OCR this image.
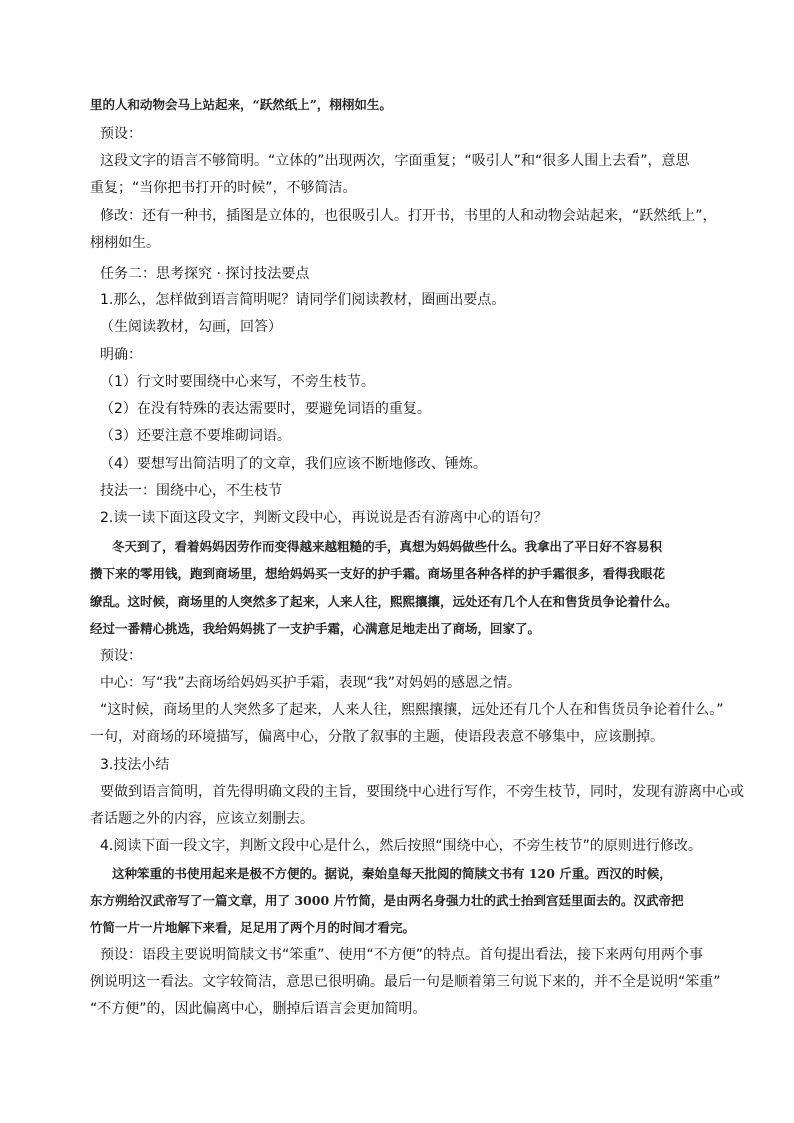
里的人和动物会马上站起来，“跃然纸上”，栩栩如生。
预设：
这段文字的语言不够简明。“立体的”出现两次，字面重复；“吸引人”和“很多人围上去看”，意思
重复；“当你把书打开的时候”，不够简洁。
修改：还有一种书，插图是立体的，也很吸引人。打开书，书里的人和动物会站起来，“跃然纸上”，
栩栩如生。
任务二：思考探究 · 探讨技法要点
1.那么，怎样做到语言简明呢？请同学们阅读教材，圈画出要点。
（生阅读教材，勾画，回答）
明确：
（1）行文时要围绕中心来写，不旁生枝节。
（2）在没有特殊的表达需要时，要避免词语的重复。
（3）还要注意不要堆砌词语。
（4）要想写出简洁明了的文章，我们应该不断地修改、锤炼。
技法一：围绕中心，不生枝节
2.读一读下面这段文字，判断文段中心，再说说是否有游离中心的语句？
冬天到了，看着妈妈因劳作而变得越来越粗糙的手，真想为妈妈做些什么。我拿出了平日好不容易积
攒下来的零用钱，跑到商场里，想给妈妈买一支好的护手霜。商场里各种各样的护手霜很多，看得我眼花
缭乱。这时候，商场里的人突然多了起来，人来人往，熙熙攘攘，远处还有几个人在和售货员争论着什么。
经过一番精心挑选，我给妈妈挑了一支护手霜，心满意足地走出了商场，回家了。
预设：
中心：写“我”去商场给妈妈买护手霜，表现“我”对妈妈的感恩之情。
“这时候，商场里的人突然多了起来，人来人往，熙熙攘攘，远处还有几个人在和售货员争论着什么。”
一句，对商场的环境描写，偏离中心，分散了叙事的主题，使语段表意不够集中，应该删掉。
3.技法小结
要做到语言简明，首先得明确文段的主旨，要围绕中心进行写作，不旁生枝节，同时，发现有游离中心或
者话题之外的内容，应该立刻删去。
4.阅读下面一段文字，判断文段中心是什么，然后按照“围绕中心，不旁生枝节”的原则进行修改。
这种笨重的书使用起来是极不方便的。据说，秦始皇每天批阅的简牍文书有 120 斤重。西汉的时候，
东方朔给汉武帝写了一篇文章，用了 3000 片竹简，是由两名身强力壮的武士抬到宫廷里面去的。汉武帝把
竹简一片一片地解下来看，足足用了两个月的时间才看完。
预设：语段主要说明简牍文书“笨重”、使用“不方便”的特点。首句提出看法，接下来两句用两个事
例说明这一看法。文字较简洁，意思已很明确。最后一句是顺着第三句说下来的，并不全是说明“笨重”
“不方便”的，因此偏离中心，删掉后语言会更加简明。
